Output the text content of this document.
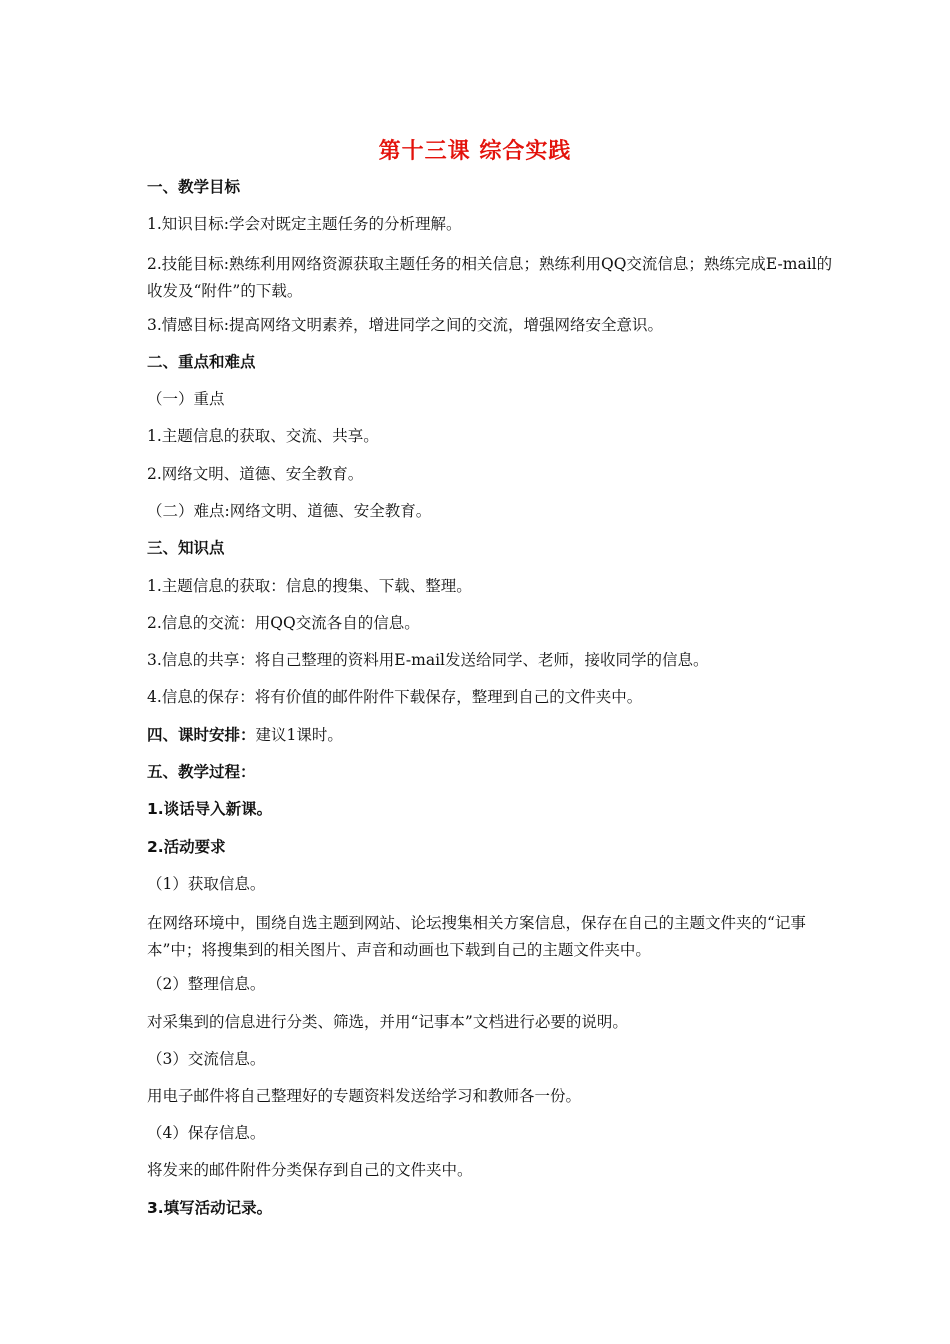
第十三课 综合实践
一、教学目标
1.知识目标:学会对既定主题任务的分析理解。
2.技能目标:熟练利用网络资源获取主题任务的相关信息；熟练利用QQ交流信息；熟练完成E-mail的收发及“附件”的下载。
3.情感目标:提高网络文明素养，增进同学之间的交流，增强网络安全意识。
二、重点和难点
（一）重点
1.主题信息的获取、交流、共享。
2.网络文明、道德、安全教育。
（二）难点:网络文明、道德、安全教育。
三、知识点
1.主题信息的获取：信息的搜集、下载、整理。
2.信息的交流：用QQ交流各自的信息。
3.信息的共享：将自己整理的资料用E-mail发送给同学、老师，接收同学的信息。
4.信息的保存：将有价值的邮件附件下载保存，整理到自己的文件夹中。
四、课时安排：建议1课时。
五、教学过程：
1.谈话导入新课。
2.活动要求
（1）获取信息。
在网络环境中，围绕自选主题到网站、论坛搜集相关方案信息，保存在自己的主题文件夹的“记事本”中；将搜集到的相关图片、声音和动画也下载到自己的主题文件夹中。
（2）整理信息。
对采集到的信息进行分类、筛选，并用“记事本”文档进行必要的说明。
（3）交流信息。
用电子邮件将自己整理好的专题资料发送给学习和教师各一份。
（4）保存信息。
将发来的邮件附件分类保存到自己的文件夹中。
3.填写活动记录。
